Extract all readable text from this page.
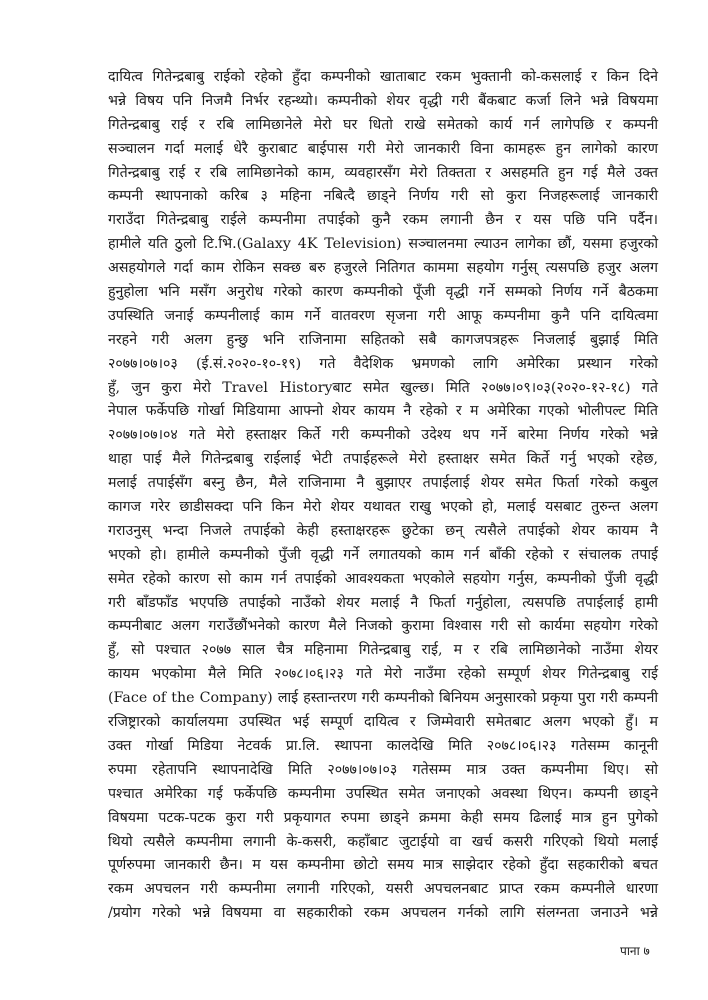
दायित्व गितेन्द्रबाबु राईको रहेको हुँदा कम्पनीको खाताबाट रकम भुक्तानी को-कसलाई र किन दिने
भन्ने विषय पनि निजमै निर्भर रहन्थ्यो। कम्पनीको शेयर वृद्धी गरी बैंकबाट कर्जा लिने भन्ने विषयमा
गितेन्द्रबाबु राई र रबि लामिछानेले मेरो घर धितो राखे समेतको कार्य गर्न लागेपछि र कम्पनी
सञ्चालन गर्दा मलाई धेरै कुराबाट बाईपास गरी मेरो जानकारी विना कामहरू हुन लागेको कारण
गितेन्द्रबाबु राई र रबि लामिछानेको काम, व्यवहारसँग मेरो तिक्तता र असहमति हुन गई मैले उक्त
कम्पनी स्थापनाको करिब ३ महिना नबित्दै छाड्ने निर्णय गरी सो कुरा निजहरूलाई जानकारी
गराउँदा गितेन्द्रबाबु राईले कम्पनीमा तपाईको कुनै रकम लगानी छैन र यस पछि पनि पर्दैन।
हामीले यति ठुलो टि.भि.(Galaxy 4K Television) सञ्चालनमा ल्याउन लागेका छौं, यसमा हजुरको
असहयोगले गर्दा काम रोकिन सक्छ बरु हजुरले नितिगत काममा सहयोग गर्नुस् त्यसपछि हजुर अलग
हुनुहोला भनि मसँग अनुरोध गरेको कारण कम्पनीको पूँजी वृद्धी गर्ने सम्मको निर्णय गर्ने बैठकमा
उपस्थिति जनाई कम्पनीलाई काम गर्ने वातवरण सृजना गरी आफू कम्पनीमा कुनै पनि दायित्वमा
नरहने गरी अलग हुन्छु भनि राजिनामा सहितको सबै कागजपत्रहरू निजलाई बुझाई मिति
२०७७।०७।०३ (ई.सं.२०२०-१०-१९) गते वैदेशिक भ्रमणको लागि अमेरिका प्रस्थान गरेको
हुँ, जुन कुरा मेरो Travel Historyबाट समेत खुल्छ। मिति २०७७।०९।०३(२०२०-१२-१८) गते
नेपाल फर्केपछि गोर्खा मिडियामा आफ्नो शेयर कायम नै रहेको र म अमेरिका गएको भोलीपल्ट मिति
२०७७।०७।०४ गते मेरो हस्ताक्षर किर्ते गरी कम्पनीको उदेश्य थप गर्ने बारेमा निर्णय गरेको भन्ने
थाहा पाई मैले गितेन्द्रबाबु राईलाई भेटी तपाईहरूले मेरो हस्ताक्षर समेत किर्ते गर्नु भएको रहेछ,
मलाई तपाईसँग बस्नु छैन, मैले राजिनामा नै बुझाएर तपाईलाई शेयर समेत फिर्ता गरेको कबुल
कागज गरेर छाडीसक्दा पनि किन मेरो शेयर यथावत राखु भएको हो, मलाई यसबाट तुरुन्त अलग
गराउनुस् भन्दा निजले तपाईको केही हस्ताक्षरहरू छुटेका छन् त्यसैले तपाईको शेयर कायम नै
भएको हो। हामीले कम्पनीको पुँजी वृद्धी गर्ने लगातयको काम गर्न बाँकी रहेको र संचालक तपाई
समेत रहेको कारण सो काम गर्न तपाईको आवश्यकता भएकोले सहयोग गर्नुस, कम्पनीको पुँजी वृद्धी
गरी बाँडफाँड भएपछि तपाईको नाउँको शेयर मलाई नै फिर्ता गर्नुहोला, त्यसपछि तपाईलाई हामी
कम्पनीबाट अलग गराउँछौंभनेको कारण मैले निजको कुरामा विश्वास गरी सो कार्यमा सहयोग गरेको
हुँ, सो पश्चात २०७७ साल चैत्र महिनामा गितेन्द्रबाबु राई, म र रबि लामिछानेको नाउँमा शेयर
कायम भएकोमा मैले मिति २०७८।०६।२३ गते मेरो नाउँमा रहेको सम्पूर्ण शेयर गितेन्द्रबाबु राई
(Face of the Company) लाई हस्तान्तरण गरी कम्पनीको बिनियम अनुसारको प्रकृया पुरा गरी कम्पनी
रजिष्ट्रारको कार्यालयमा उपस्थित भई सम्पूर्ण दायित्व र जिम्मेवारी समेतबाट अलग भएको हुँ। म
उक्त गोर्खा मिडिया नेटवर्क प्रा.लि. स्थापना कालदेखि मिति २०७८।०६।२३ गतेसम्म कानूनी
रुपमा रहेतापनि स्थापनादेखि मिति २०७७।०७।०३ गतेसम्म मात्र उक्त कम्पनीमा थिए। सो
पश्चात अमेरिका गई फर्केपछि कम्पनीमा उपस्थित समेत जनाएको अवस्था थिएन। कम्पनी छाड्ने
विषयमा पटक-पटक कुरा गरी प्रकृयागत रुपमा छाड्ने क्रममा केही समय ढिलाई मात्र हुन पुगेको
थियो त्यसैले कम्पनीमा लगानी के-कसरी, कहाँबाट जुटाईयो वा खर्च कसरी गरिएको थियो मलाई
पूर्णरुपमा जानकारी छैन। म यस कम्पनीमा छोटो समय मात्र साझेदार रहेको हुँदा सहकारीको बचत
रकम अपचलन गरी कम्पनीमा लगानी गरिएको, यसरी अपचलनबाट प्राप्त रकम कम्पनीले धारणा
/प्रयोग गरेको भन्ने विषयमा वा सहकारीको रकम अपचलन गर्नको लागि संलग्नता जनाउने भन्ने
पाना ७
